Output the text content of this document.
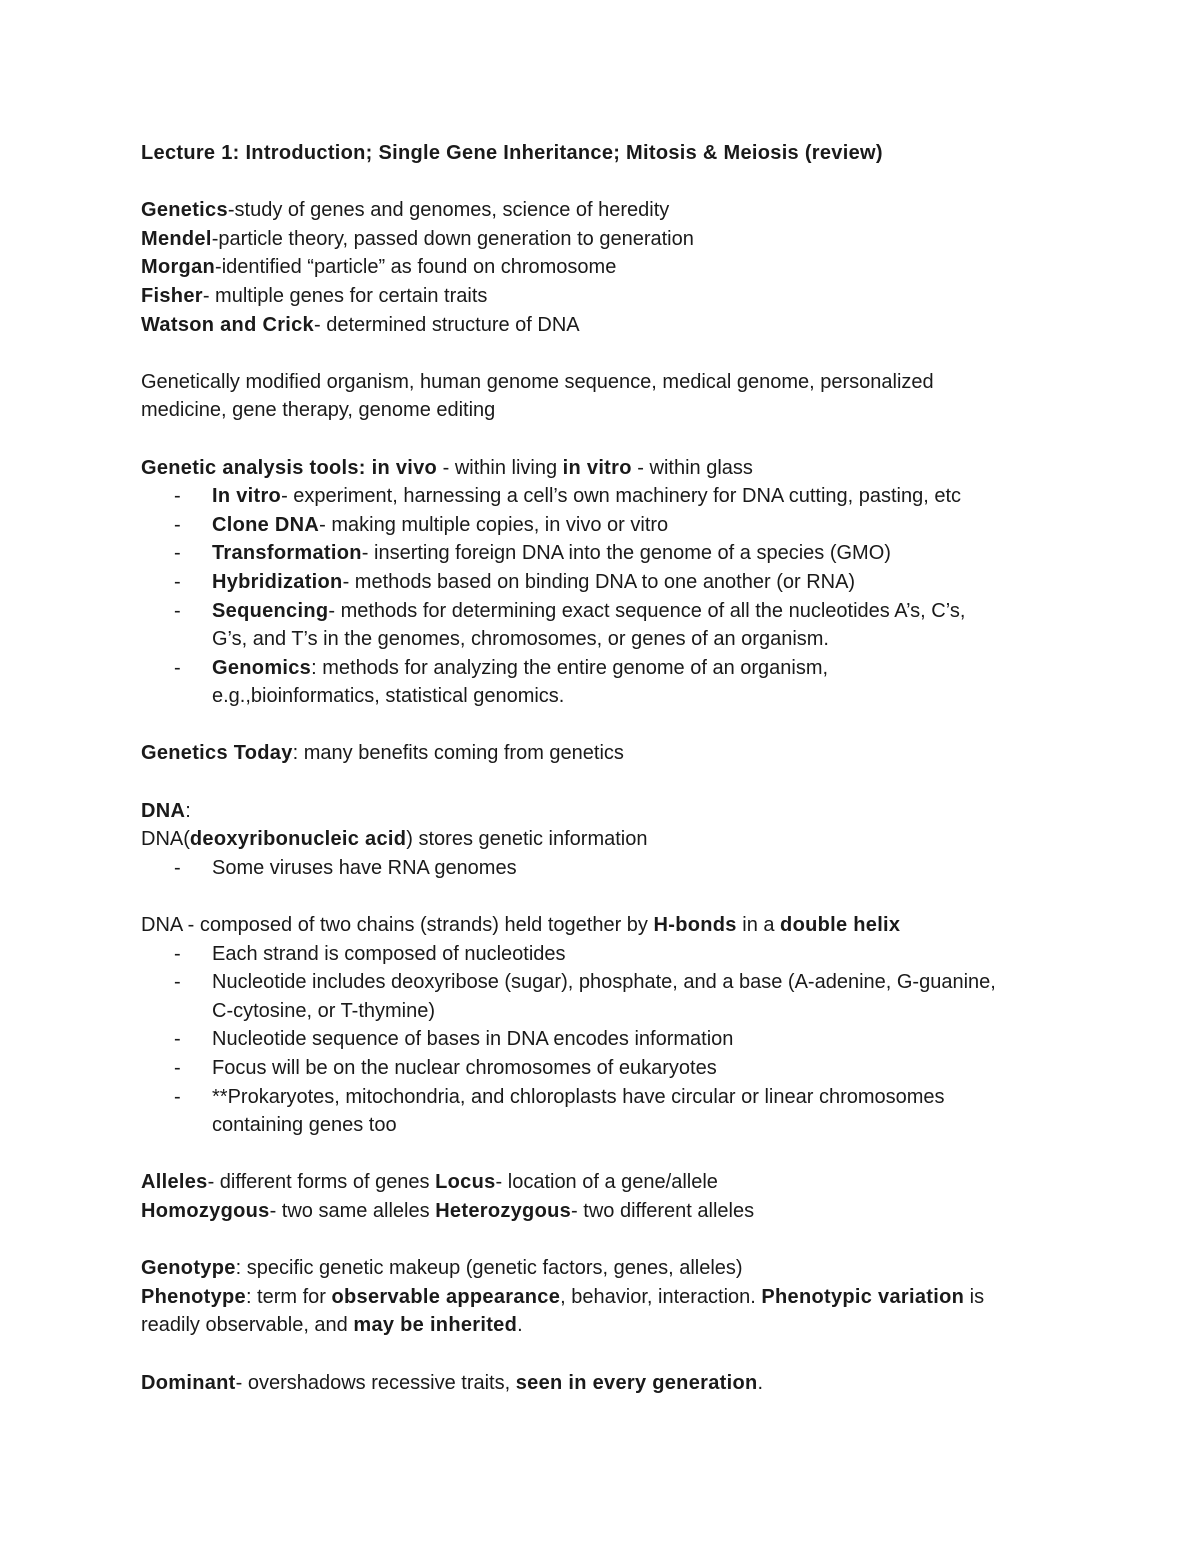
Lecture 1: Introduction; Single Gene Inheritance; Mitosis & Meiosis (review)
Genetics-study of genes and genomes, science of heredity
Mendel-particle theory, passed down generation to generation
Morgan-identified “particle” as found on chromosome
Fisher- multiple genes for certain traits
Watson and Crick- determined structure of DNA
Genetically modified organism, human genome sequence, medical genome, personalized
medicine, gene therapy, genome editing
Genetic analysis tools: in vivo - within living in vitro - within glass
- In vitro- experiment, harnessing a cell’s own machinery for DNA cutting, pasting, etc
- Clone DNA- making multiple copies, in vivo or vitro
- Transformation- inserting foreign DNA into the genome of a species (GMO)
- Hybridization- methods based on binding DNA to one another (or RNA)
- Sequencing- methods for determining exact sequence of all the nucleotides A’s, C’s,
G’s, and T’s in the genomes, chromosomes, or genes of an organism.
- Genomics: methods for analyzing the entire genome of an organism,
e.g.,bioinformatics, statistical genomics.
Genetics Today: many benefits coming from genetics
DNA:
DNA(deoxyribonucleic acid) stores genetic information
- Some viruses have RNA genomes
DNA - composed of two chains (strands) held together by H-bonds in a double helix
- Each strand is composed of nucleotides
- Nucleotide includes deoxyribose (sugar), phosphate, and a base (A-adenine, G-guanine,
C-cytosine, or T-thymine)
- Nucleotide sequence of bases in DNA encodes information
- Focus will be on the nuclear chromosomes of eukaryotes
- **Prokaryotes, mitochondria, and chloroplasts have circular or linear chromosomes
containing genes too
Alleles- different forms of genes Locus- location of a gene/allele
Homozygous- two same alleles Heterozygous- two different alleles
Genotype: specific genetic makeup (genetic factors, genes, alleles)
Phenotype: term for observable appearance, behavior, interaction. Phenotypic variation is
readily observable, and may be inherited.
Dominant- overshadows recessive traits, seen in every generation.
